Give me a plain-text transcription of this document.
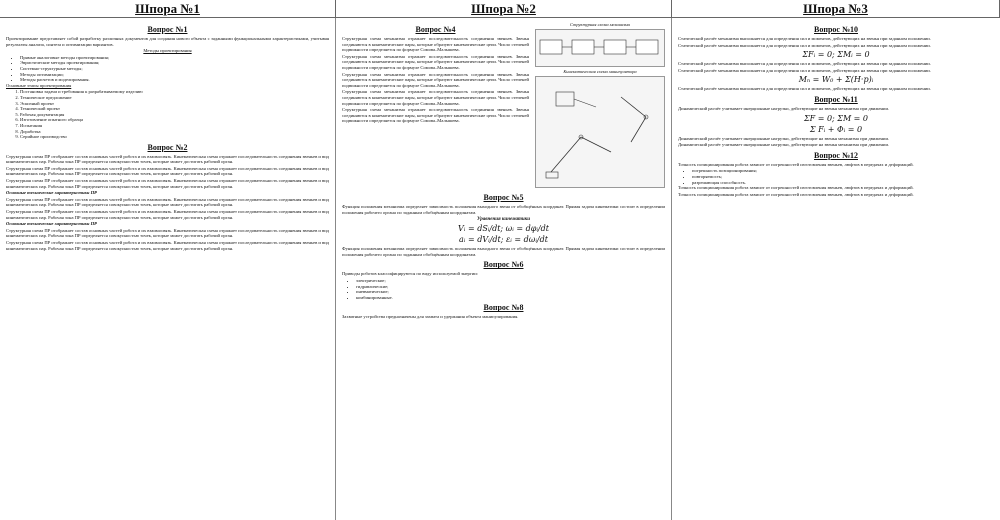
Шпора №1	Шпора №2	Шпора №3
Вопрос №1

Проектирование представляет собой разработку различных документов для создания нового объекта с заданными функциональными характеристиками, учитывая результаты анализа, синтеза и оптимизации вариантов.

Методы проектирования

• Прямые аналоговые методы проектирования;
• Эвристические методы проектирования;
• Системно-структурные методы;
• Методы оптимизации;
• Методы расчетов и моделирования.

Основные этапы проектирования

1. Постановка задачи и требования к разрабатываемому изделию
2. Техническое предложение
3. Эскизный проект
4. Технический проект
5. Рабочая документация
6. Изготовление опытного образца
7. Испытания
8. Доработка
9. Серийное производство
Вопрос №2

Структурная схема ПР отображает состав основных частей робота и их взаимосвязь. Кинематическая схема отражает последовательность соединения звеньев и вид кинематических пар. Рабочая зона ПР определяется совокупностью точек, которые может достигать рабочий орган.

Структурная схема ПР отображает состав основных частей робота и их взаимосвязь. Кинематическая схема отражает последовательность соединения звеньев и вид кинематических пар. Рабочая зона ПР определяется совокупностью точек, которые может достигать рабочий орган.

Структурная схема ПР отображает состав основных частей робота и их взаимосвязь. Кинематическая схема отражает последовательность соединения звеньев и вид кинематических пар. Рабочая зона ПР определяется совокупностью точек, которые может достигать рабочий орган.

Основные технические характеристики ПР

Структурная схема ПР отображает состав основных частей робота и их взаимосвязь. Кинематическая схема отражает последовательность соединения звеньев и вид кинематических пар. Рабочая зона ПР определяется совокупностью точек, которые может достигать рабочий орган.

Структурная схема ПР отображает состав основных частей робота и их взаимосвязь. Кинематическая схема отражает последовательность соединения звеньев и вид кинематических пар. Рабочая зона ПР определяется совокупностью точек, которые может достигать рабочий орган.

Основные технические характеристики ПР

Структурная схема ПР отображает состав основных частей робота и их взаимосвязь. Кинематическая схема отражает последовательность соединения звеньев и вид кинематических пар. Рабочая зона ПР определяется совокупностью точек, которые может достигать рабочий орган.

Структурная схема ПР отображает состав основных частей робота и их взаимосвязь. Кинематическая схема отражает последовательность соединения звеньев и вид кинематических пар. Рабочая зона ПР определяется совокупностью точек, которые может достигать рабочий орган.

Вопрос №4

Структурная схема механизма отражает последовательность соединения звеньев. Звенья соединяются в кинематические пары, которые образуют кинематические цепи. Число степеней подвижности определяется по формуле Сомова–Малышева.

Структурная схема механизма отражает последовательность соединения звеньев. Звенья соединяются в кинематические пары, которые образуют кинематические цепи. Число степеней подвижности определяется по формуле Сомова–Малышева.

Структурная схема механизма отражает последовательность соединения звеньев. Звенья соединяются в кинематические пары, которые образуют кинематические цепи. Число степеней подвижности определяется по формуле Сомова–Малышева.

Структурная схема механизма отражает последовательность соединения звеньев. Звенья соединяются в кинематические пары, которые образуют кинематические цепи. Число степеней подвижности определяется по формуле Сомова–Малышева.

Структурная схема механизма отражает последовательность соединения звеньев. Звенья соединяются в кинематические пары, которые образуют кинематические цепи. Число степеней подвижности определяется по формуле Сомова–Малышева.

Структурная схема механизма
Кинематическая схема манипулятора
Вопрос №5

Функция положения механизма определяет зависимость положения выходного звена от обобщённых координат. Прямая задача кинематики состоит в определении положения рабочего органа по заданным обобщённым координатам.

Уравнения кинематики

Vᵢ = dSᵢ/dt; ωᵢ = dφᵢ/dt
aᵢ = dVᵢ/dt; εᵢ = dωᵢ/dt

Функция положения механизма определяет зависимость положения выходного звена от обобщённых координат. Прямая задача кинематики состоит в определении положения рабочего органа по заданным обобщённым координатам.

Вопрос №6

Приводы роботов классифицируются по виду используемой энергии:

• электрические;
• гидравлические;
• пневматические;
• комбинированные.
Вопрос №8

Захватные устройства предназначены для захвата и удержания объекта манипулирования.

Вопрос №10

Статический расчёт механизма выполняется для определения сил и моментов, действующих на звенья при заданном положении.

Статический расчёт механизма выполняется для определения сил и моментов, действующих на звенья при заданном положении.

ΣFᵢ = 0; ΣMᵢ = 0

Статический расчёт механизма выполняется для определения сил и моментов, действующих на звенья при заданном положении.

Статический расчёт механизма выполняется для определения сил и моментов, действующих на звенья при заданном положении.

Mₙ = W₀ + Σ(H·p)ᵢ

Статический расчёт механизма выполняется для определения сил и моментов, действующих на звенья при заданном положении.

Вопрос №11

Динамический расчёт учитывает инерционные нагрузки, действующие на звенья механизма при движении.

ΣF = 0; ΣM = 0
Σ Fᵢ + Φᵢ = 0

Динамический расчёт учитывает инерционные нагрузки, действующие на звенья механизма при движении.

Динамический расчёт учитывает инерционные нагрузки, действующие на звенья механизма при движении.

Вопрос №12

Точность позиционирования робота зависит от погрешностей изготовления звеньев, люфтов в передачах и деформаций.

• погрешность позиционирования;
• повторяемость;
• разрешающая способность.

Точность позиционирования робота зависит от погрешностей изготовления звеньев, люфтов в передачах и деформаций.

Точность позиционирования робота зависит от погрешностей изготовления звеньев, люфтов в передачах и деформаций.
